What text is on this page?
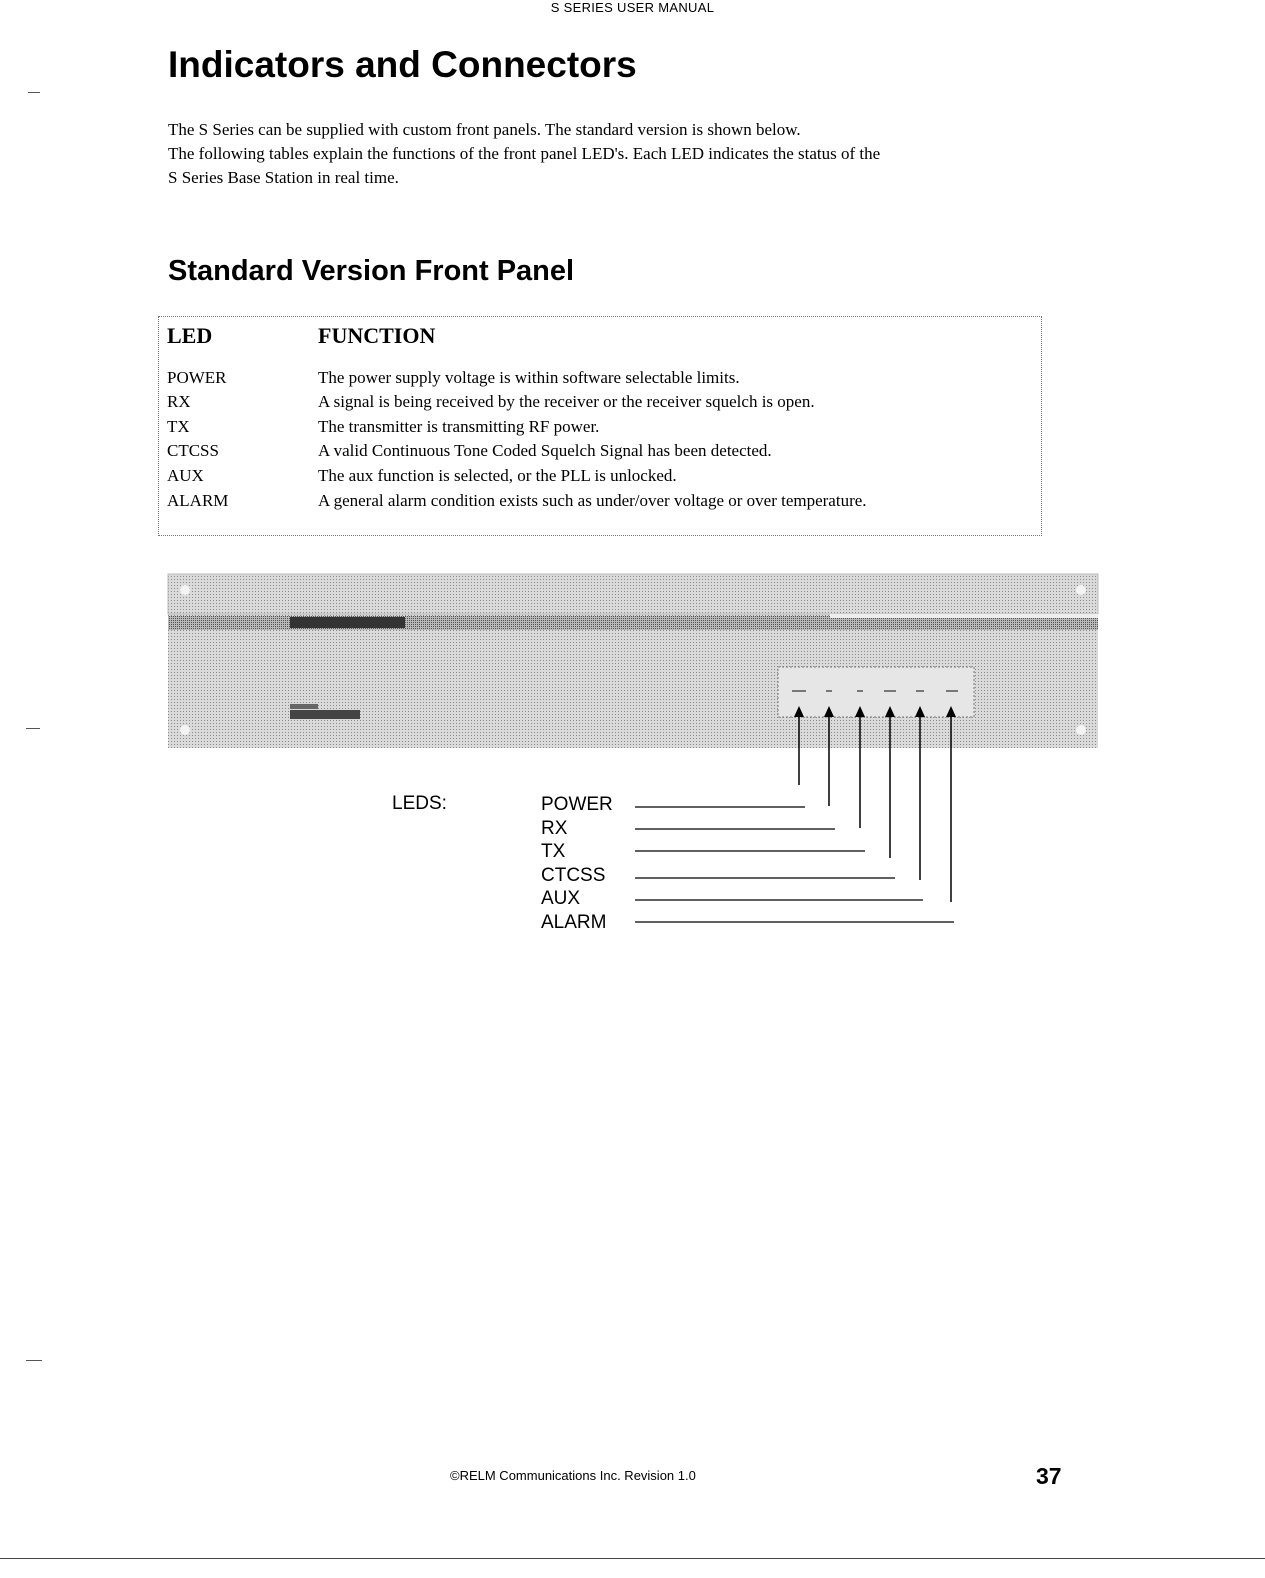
S SERIES USER MANUAL
Indicators and Connectors

The S Series can be supplied with custom front panels. The standard version is shown below.

The following tables explain the functions of the front panel LED's. Each LED indicates the status of the

S Series Base Station in real time.

Standard Version Front Panel
LED	FUNCTION
POWER	The power supply voltage is within software selectable limits.
RX	A signal is being received by the receiver or the receiver squelch is open.
TX	The transmitter is transmitting RF power.
CTCSS	A valid Continuous Tone Coded Squelch Signal has been detected.
AUX	The aux function is selected, or the PLL is unlocked.
ALARM	A general alarm condition exists such as under/over voltage or over temperature.
LEDS:	POWER
RX
TX
CTCSS
AUX
ALARM
©RELM Communications Inc. Revision 1.0	37
